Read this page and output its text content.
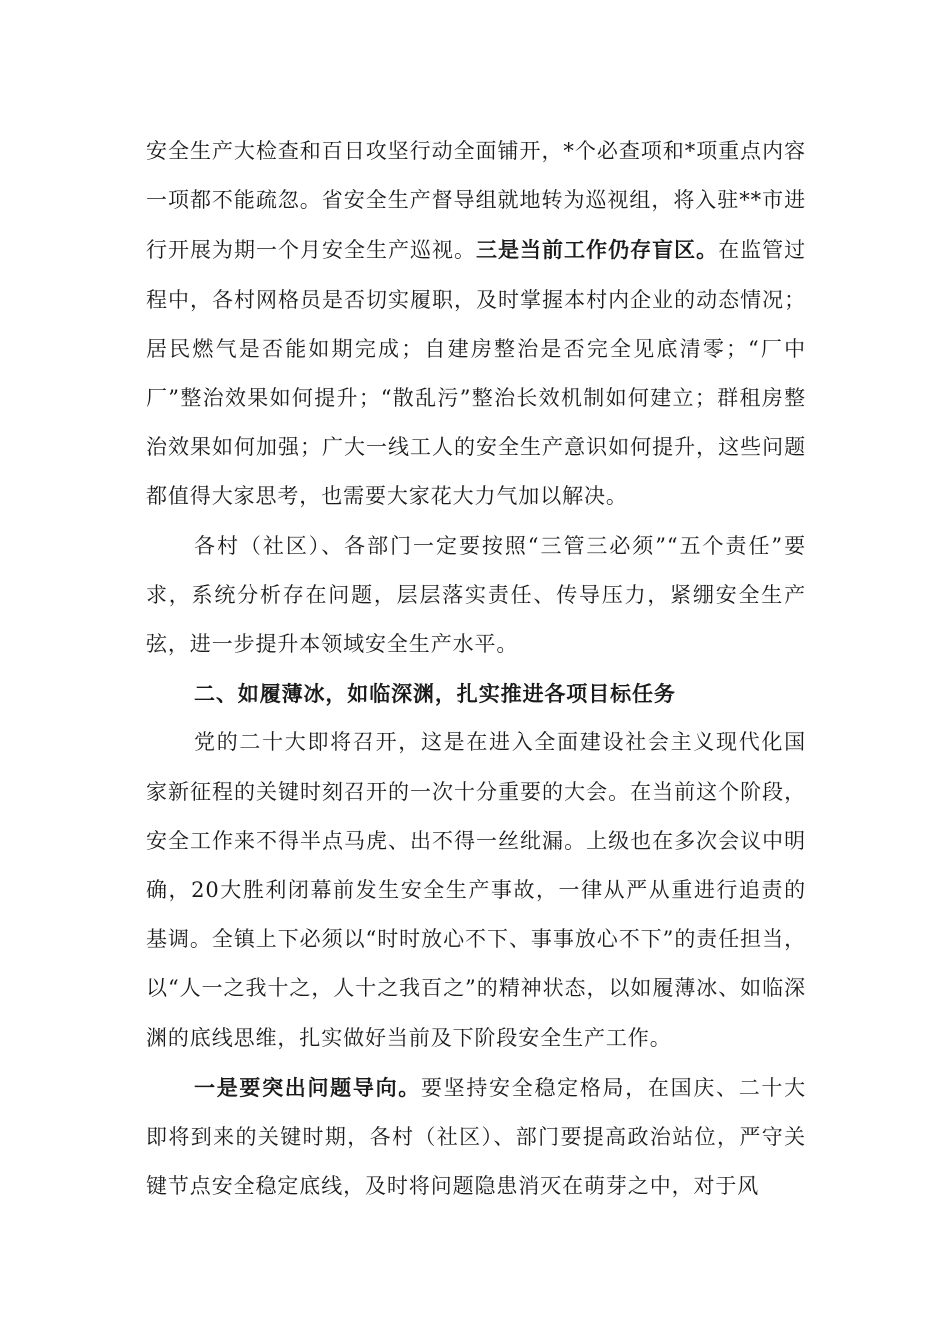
安全生产大检查和百日攻坚行动全面铺开，*个必查项和*项重点内容一项都不能疏忽。省安全生产督导组就地转为巡视组，将入驻**市进行开展为期一个月安全生产巡视。三是当前工作仍存盲区。在监管过程中，各村网格员是否切实履职，及时掌握本村内企业的动态情况；居民燃气是否能如期完成；自建房整治是否完全见底清零；“厂中厂”整治效果如何提升；“散乱污”整治长效机制如何建立；群租房整治效果如何加强；广大一线工人的安全生产意识如何提升，这些问题都值得大家思考，也需要大家花大力气加以解决。

各村（社区）、各部门一定要按照“三管三必须”“五个责任”要求，系统分析存在问题，层层落实责任、传导压力，紧绷安全生产弦，进一步提升本领域安全生产水平。

二、如履薄冰，如临深渊，扎实推进各项目标任务

党的二十大即将召开，这是在进入全面建设社会主义现代化国家新征程的关键时刻召开的一次十分重要的大会。在当前这个阶段，安全工作来不得半点马虎、出不得一丝纰漏。上级也在多次会议中明确，20大胜利闭幕前发生安全生产事故，一律从严从重进行追责的基调。全镇上下必须以“时时放心不下、事事放心不下”的责任担当，以“人一之我十之，人十之我百之”的精神状态，以如履薄冰、如临深渊的底线思维，扎实做好当前及下阶段安全生产工作。

一是要突出问题导向。要坚持安全稳定格局，在国庆、二十大即将到来的关键时期，各村（社区）、部门要提高政治站位，严守关键节点安全稳定底线，及时将问题隐患消灭在萌芽之中，对于风
